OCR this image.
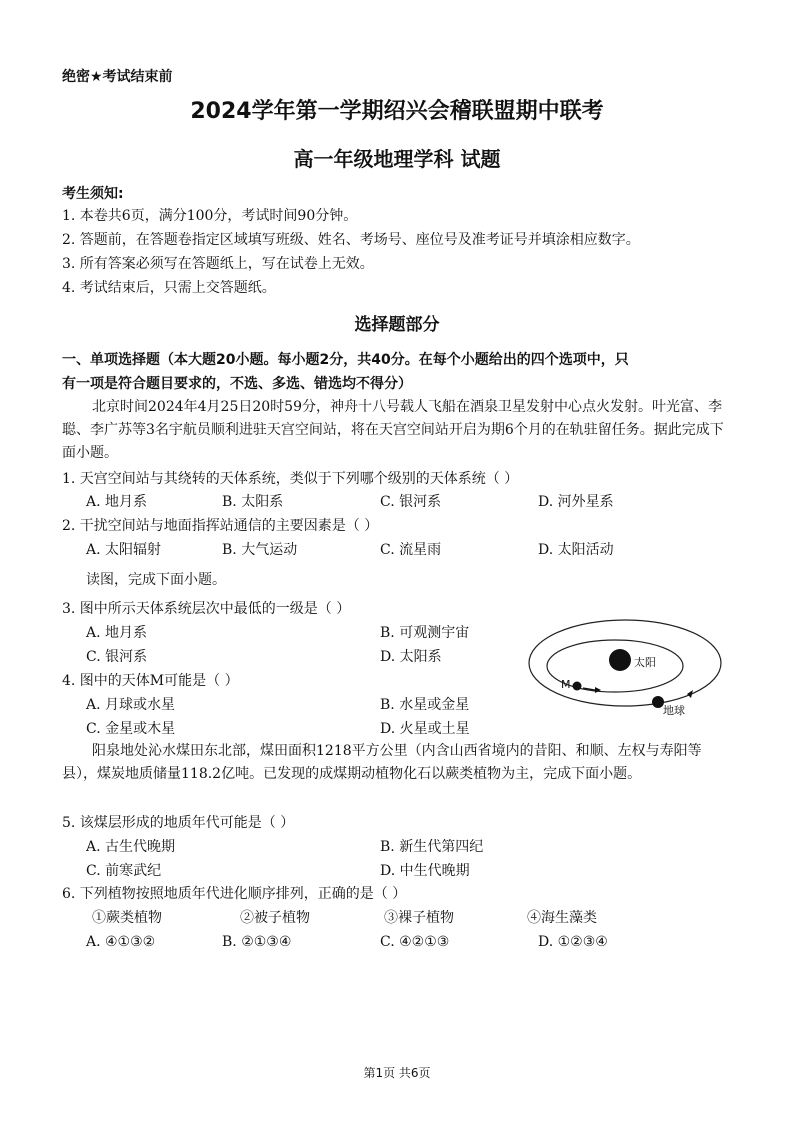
绝密★考试结束前
2024学年第一学期绍兴会稽联盟期中联考
高一年级地理学科 试题
考生须知:
1. 本卷共6页，满分100分，考试时间90分钟。
2. 答题前，在答题卷指定区域填写班级、姓名、考场号、座位号及准考证号并填涂相应数字。
3. 所有答案必须写在答题纸上，写在试卷上无效。
4. 考试结束后，只需上交答题纸。
选择题部分
一、单项选择题（本大题20小题。每小题2分，共40分。在每个小题给出的四个选项中，只
有一项是符合题目要求的，不选、多选、错选均不得分）
北京时间2024年4月25日20时59分，神舟十八号载人飞船在酒泉卫星发射中心点火发射。叶光富、李聪、李广苏等3名宇航员顺利进驻天宫空间站，将在天宫空间站开启为期6个月的在轨驻留任务。据此完成下面小题。
1. 天宫空间站与其绕转的天体系统，类似于下列哪个级别的天体系统（ ）
A. 地月系	B. 太阳系	C. 银河系	D. 河外星系
2. 干扰空间站与地面指挥站通信的主要因素是（ ）
A. 太阳辐射	B. 大气运动	C. 流星雨	D. 太阳活动
读图，完成下面小题。
3. 图中所示天体系统层次中最低的一级是（ ）
A. 地月系	B. 可观测宇宙
C. 银河系	D. 太阳系
4. 图中的天体M可能是（ ）
A. 月球或水星	B. 水星或金星
C. 金星或木星	D. 火星或土星
太阳
M
地球
阳泉地处沁水煤田东北部，煤田面积1218平方公里（内含山西省境内的昔阳、和顺、左权与寿阳等县），煤炭地质储量118.2亿吨。已发现的成煤期动植物化石以蕨类植物为主，完成下面小题。
5. 该煤层形成的地质年代可能是（ ）
A. 古生代晚期	B. 新生代第四纪
C. 前寒武纪	D. 中生代晚期
6. 下列植物按照地质年代进化顺序排列，正确的是（ ）
①蕨类植物	②被子植物	③裸子植物	④海生藻类
A. ④①③②	B. ②①③④	C. ④②①③	D. ①②③④
第1页 共6页
